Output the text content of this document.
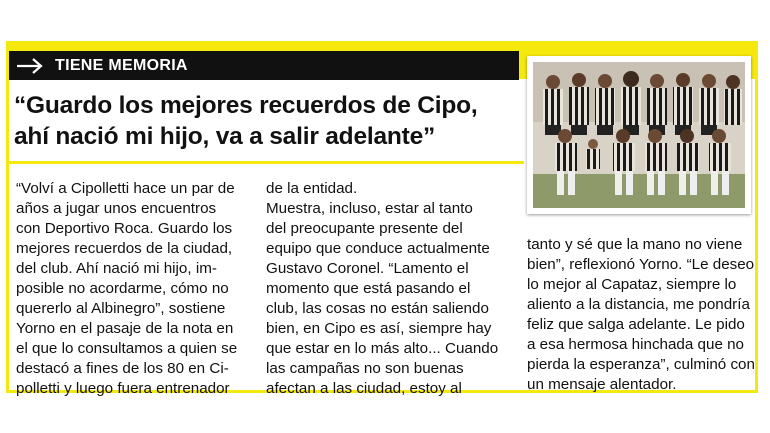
TIENE MEMORIA
“Guardo los mejores recuerdos de Cipo,
ahí nació mi hijo, va a salir adelante”
“Volví a Cipolletti hace un par de
años a jugar unos encuentros
con Deportivo Roca. Guardo los
mejores recuerdos de la ciudad,
del club. Ahí nació mi hijo, im-
posible no acordarme, cómo no
quererlo al Albinegro”, sostiene
Yorno en el pasaje de la nota en
el que lo consultamos a quien se
destacó a fines de los 80 en Ci-
polletti y luego fuera entrenador
de la entidad.
Muestra, incluso, estar al tanto
del preocupante presente del
equipo que conduce actualmente
Gustavo Coronel. “Lamento el
momento que está pasando el
club, las cosas no están saliendo
bien, en Cipo es así, siempre hay
que estar en lo más alto... Cuando
las campañas no son buenas
afectan a las ciudad, estoy al
tanto y sé que la mano no viene
bien”, reflexionó Yorno. “Le deseo
lo mejor al Capataz, siempre lo
aliento a la distancia, me pondría
feliz que salga adelante. Le pido
a esa hermosa hinchada que no
pierda la esperanza”, culminó con
un mensaje alentador.
